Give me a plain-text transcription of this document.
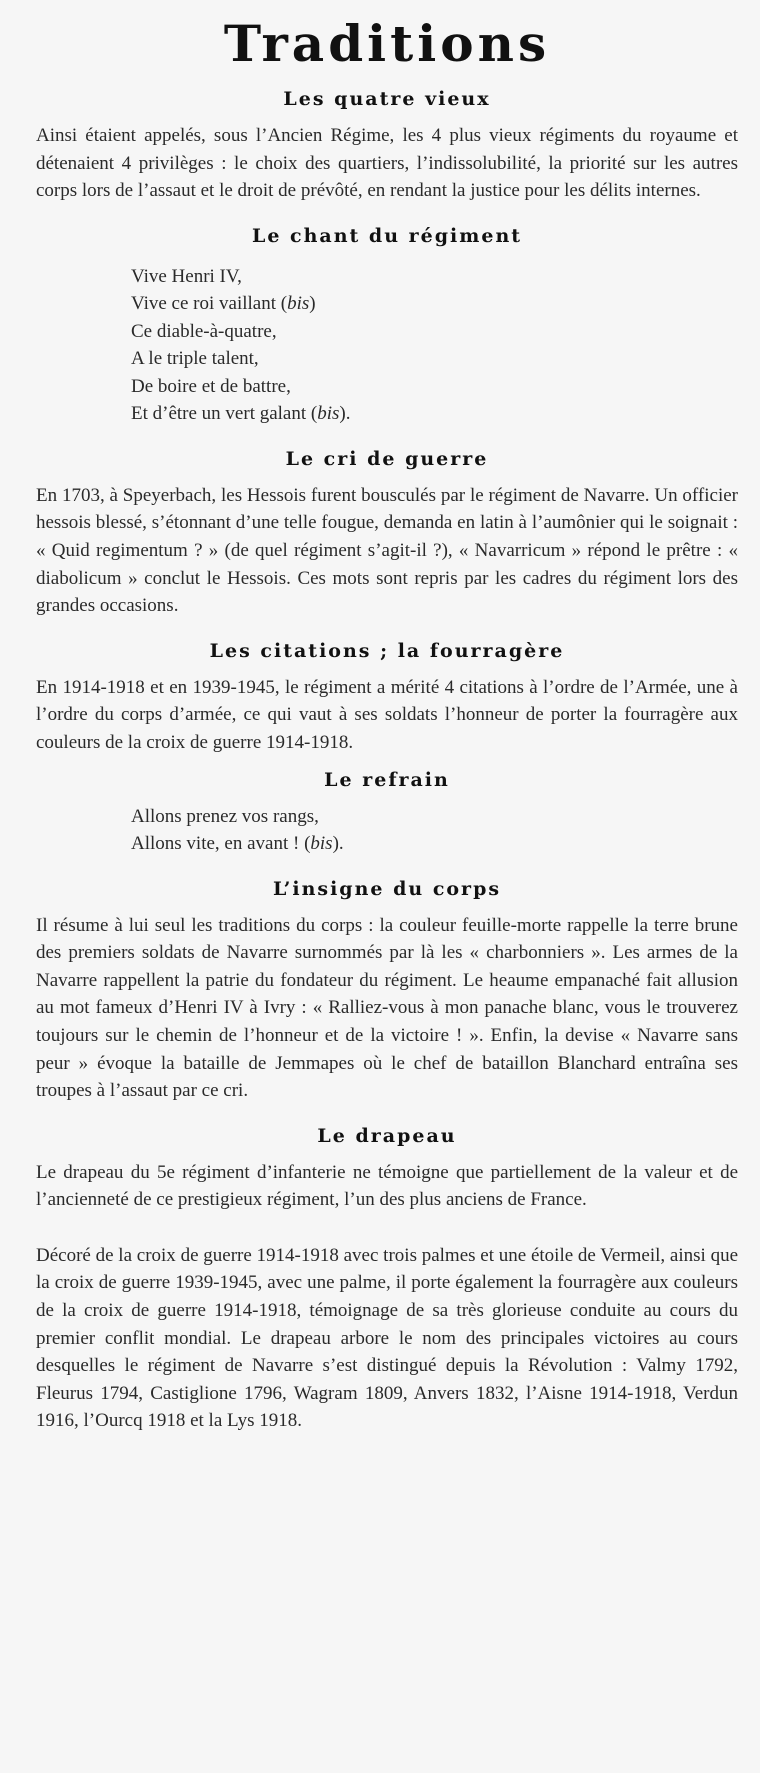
Traditions
Les quatre vieux

Ainsi étaient appelés, sous l’Ancien Régime, les 4 plus vieux régiments du royaume et détenaient 4 privilèges : le choix des quartiers, l’indissolubilité, la priorité sur les autres corps lors de l’assaut et le droit de prévôté, en rendant la justice pour les délits internes.

Le chant du régiment
Vive Henri IV,
Vive ce roi vaillant (bis)
Ce diable-à-quatre,
A le triple talent,
De boire et de battre,
Et d’être un vert galant (bis).
Le cri de guerre

En 1703, à Speyerbach, les Hessois furent bousculés par le régiment de Navarre. Un officier hessois blessé, s’étonnant d’une telle fougue, demanda en latin à l’aumônier qui le soignait : « Quid regimentum ? » (de quel régiment s’agit-il ?), « Navarricum » répond le prêtre : « diabolicum » conclut le Hessois. Ces mots sont repris par les cadres du régiment lors des grandes occasions.

Les citations ; la fourragère

En 1914-1918 et en 1939-1945, le régiment a mérité 4 citations à l’ordre de l’Armée, une à l’ordre du corps d’armée, ce qui vaut à ses soldats l’honneur de porter la fourragère aux couleurs de la croix de guerre 1914-1918.

Le refrain
Allons prenez vos rangs,
Allons vite, en avant ! (bis).
L’insigne du corps

Il résume à lui seul les traditions du corps : la couleur feuille-morte rappelle la terre brune des premiers soldats de Navarre surnommés par là les « charbonniers ». Les armes de la Navarre rappellent la patrie du fondateur du régiment. Le heaume empanaché fait allusion au mot fameux d’Henri IV à Ivry : « Ralliez-vous à mon panache blanc, vous le trouverez toujours sur le chemin de l’honneur et de la victoire ! ». Enfin, la devise « Navarre sans peur » évoque la bataille de Jemmapes où le chef de bataillon Blanchard entraîna ses troupes à l’assaut par ce cri.

Le drapeau

Le drapeau du 5e régiment d’infanterie ne témoigne que partiellement de la valeur et de l’ancienneté de ce prestigieux régiment, l’un des plus anciens de France.

Décoré de la croix de guerre 1914-1918 avec trois palmes et une étoile de Vermeil, ainsi que la croix de guerre 1939-1945, avec une palme, il porte également la fourragère aux couleurs de la croix de guerre 1914-1918, témoignage de sa très glorieuse conduite au cours du premier conflit mondial. Le drapeau arbore le nom des principales victoires au cours desquelles le régiment de Navarre s’est distingué depuis la Révolution : Valmy 1792, Fleurus 1794, Castiglione 1796, Wagram 1809, Anvers 1832, l’Aisne 1914-1918, Verdun 1916, l’Ourcq 1918 et la Lys 1918.
